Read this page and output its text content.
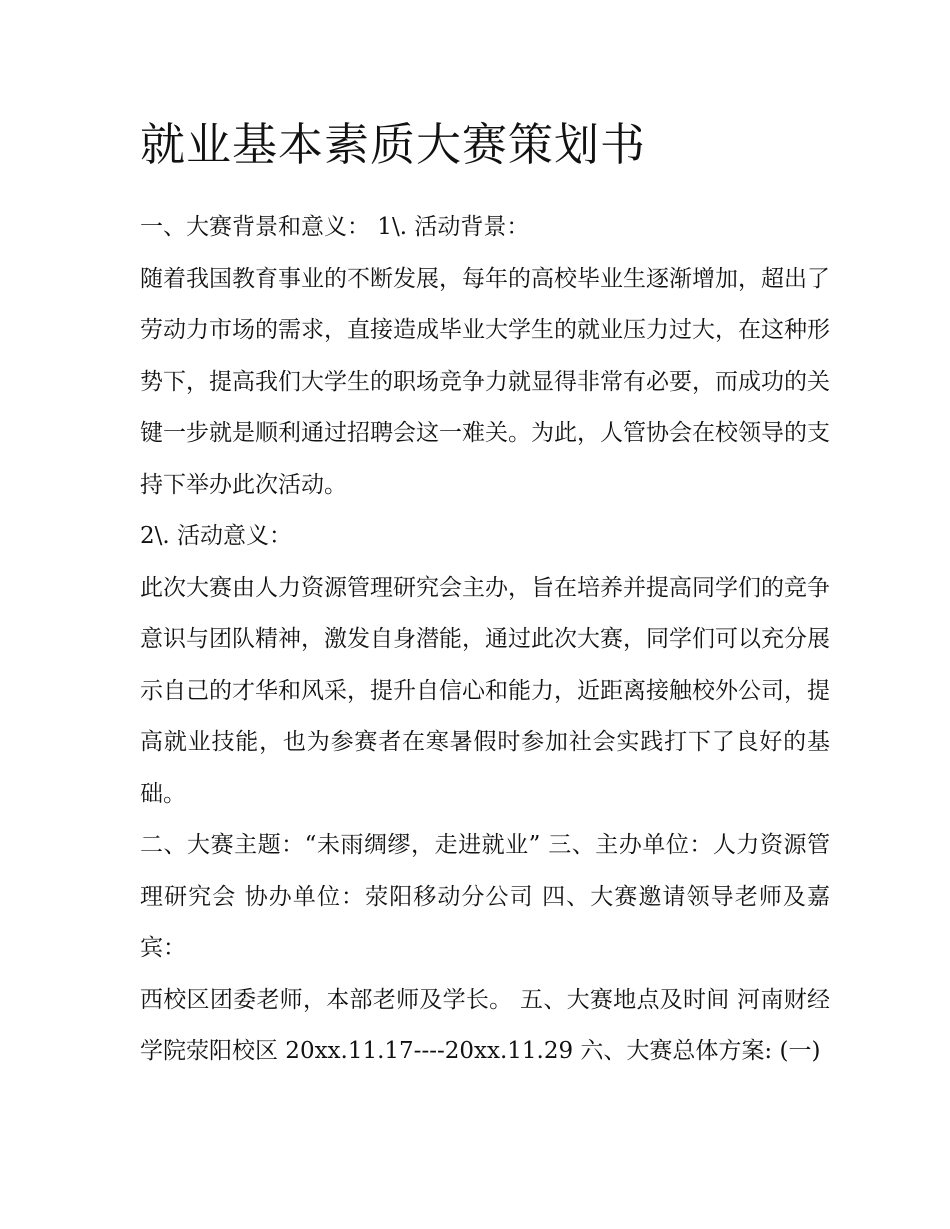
就业基本素质大赛策划书

一、大赛背景和意义： 1\. 活动背景：

随着我国教育事业的不断发展，每年的高校毕业生逐渐增加，超出了劳动力市场的需求，直接造成毕业大学生的就业压力过大，在这种形势下，提高我们大学生的职场竞争力就显得非常有必要，而成功的关键一步就是顺利通过招聘会这一难关。为此，人管协会在校领导的支持下举办此次活动。

2\. 活动意义：

此次大赛由人力资源管理研究会主办，旨在培养并提高同学们的竞争意识与团队精神，激发自身潜能，通过此次大赛，同学们可以充分展示自己的才华和风采，提升自信心和能力，近距离接触校外公司，提高就业技能，也为参赛者在寒暑假时参加社会实践打下了良好的基础。

二、大赛主题：“未雨绸缪，走进就业” 三、主办单位：人力资源管理研究会 协办单位：荥阳移动分公司 四、大赛邀请领导老师及嘉宾：

西校区团委老师，本部老师及学长。 五、大赛地点及时间 河南财经学院荥阳校区 20xx.11.17----20xx.11.29 六、大赛总体方案: (一)
